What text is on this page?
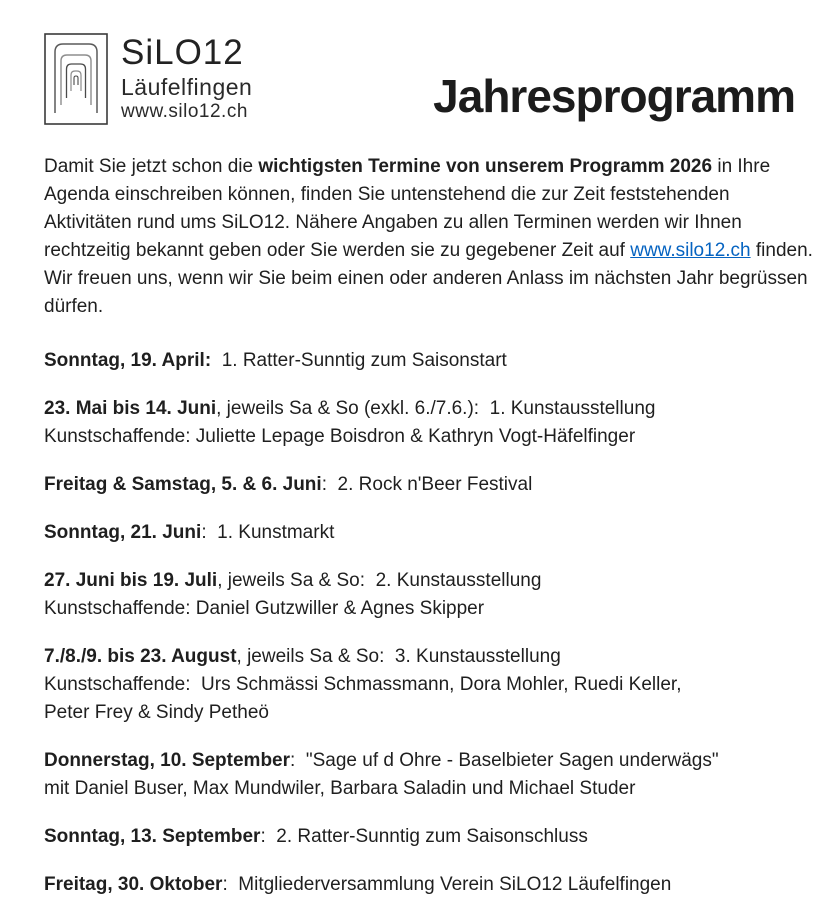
SiLO12
Läufelfingen
www.silo12.ch	Jahresprogramm

Damit Sie jetzt schon die wichtigsten Termine von unserem Programm 2026 in Ihre Agenda einschreiben können, finden Sie untenstehend die zur Zeit feststehenden Aktivitäten rund ums SiLO12. Nähere Angaben zu allen Terminen werden wir Ihnen rechtzeitig bekannt geben oder Sie werden sie zu gegebener Zeit auf www.silo12.ch finden. Wir freuen uns, wenn wir Sie beim einen oder anderen Anlass im nächsten Jahr begrüssen dürfen.

Sonntag, 19. April:  1. Ratter-Sunntig zum Saisonstart

23. Mai bis 14. Juni, jeweils Sa & So (exkl. 6./7.6.):  1. Kunstausstellung
Kunstschaffende: Juliette Lepage Boisdron & Kathryn Vogt-Häfelfinger

Freitag & Samstag, 5. & 6. Juni:  2. Rock n'Beer Festival

Sonntag, 21. Juni:  1. Kunstmarkt

27. Juni bis 19. Juli, jeweils Sa & So:  2. Kunstausstellung
Kunstschaffende: Daniel Gutzwiller & Agnes Skipper

7./8./9. bis 23. August, jeweils Sa & So:  3. Kunstausstellung
Kunstschaffende:  Urs Schmässi Schmassmann, Dora Mohler, Ruedi Keller,
Peter Frey & Sindy Petheö

Donnerstag, 10. September:  "Sage uf d Ohre - Baselbieter Sagen underwägs"
mit Daniel Buser, Max Mundwiler, Barbara Saladin und Michael Studer

Sonntag, 13. September:  2. Ratter-Sunntig zum Saisonschluss

Freitag, 30. Oktober:  Mitgliederversammlung Verein SiLO12 Läufelfingen
